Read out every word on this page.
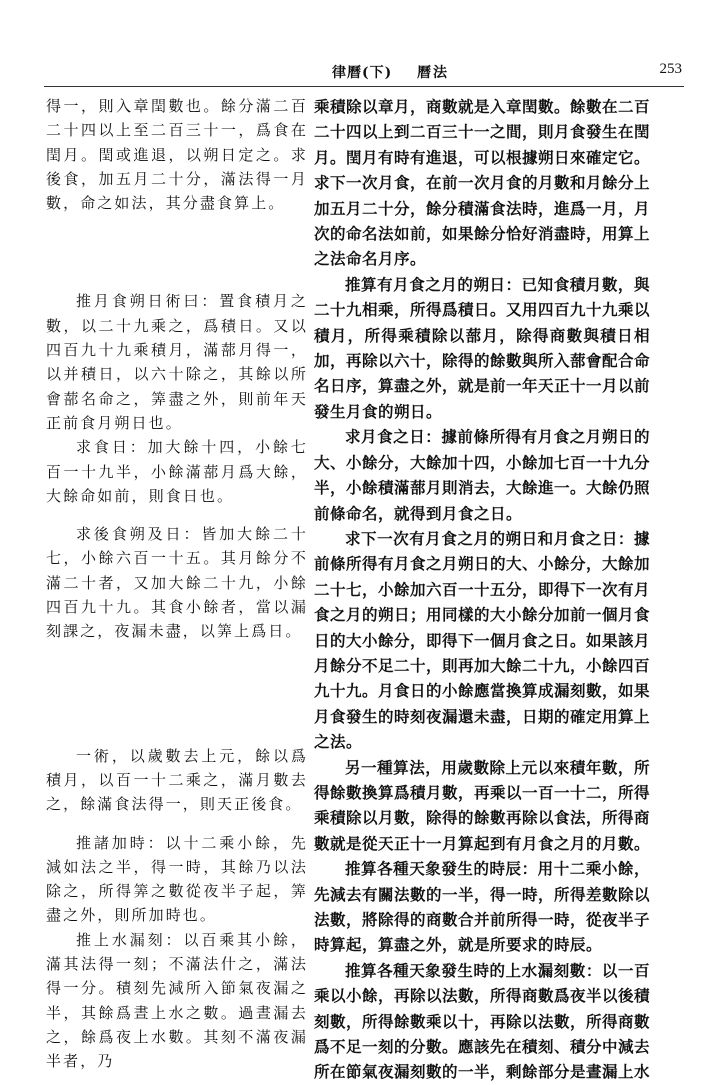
律曆(下) 曆法	253

得一，則入章閏數也。餘分滿二百二十四以上至二百三十一，爲食在閏月。閏或進退，以朔日定之。求後食，加五月二十分，滿法得一月數，命之如法，其分盡食算上。

推月食朔日術曰：置食積月之數，以二十九乘之，爲積日。又以四百九十九乘積月，滿蔀月得一，以并積日，以六十除之，其餘以所會蔀名命之，筭盡之外，則前年天正前食月朔日也。

求食日：加大餘十四，小餘七百一十九半，小餘滿蔀月爲大餘，大餘命如前，則食日也。

求後食朔及日：皆加大餘二十七，小餘六百一十五。其月餘分不滿二十者，又加大餘二十九，小餘四百九十九。其食小餘者，當以漏刻課之，夜漏未盡，以筭上爲日。

一術，以歲數去上元，餘以爲積月，以百一十二乘之，滿月數去之，餘滿食法得一，則天正後食。

推諸加時：以十二乘小餘，先減如法之半，得一時，其餘乃以法除之，所得筭之數從夜半子起，筭盡之外，則所加時也。

推上水漏刻：以百乘其小餘，滿其法得一刻；不滿法什之，滿法得一分。積刻先減所入節氣夜漏之半，其餘爲晝上水之數。過晝漏去之，餘爲夜上水數。其刻不滿夜漏半者，乃

乘積除以章月，商數就是入章閏數。餘數在二百二十四以上到二百三十一之間，則月食發生在閏月。閏月有時有進退，可以根據朔日來確定它。求下一次月食，在前一次月食的月數和月餘分上加五月二十分，餘分積滿食法時，進爲一月，月次的命名法如前，如果餘分恰好消盡時，用算上之法命名月序。

推算有月食之月的朔日：已知食積月數，與二十九相乘，所得爲積日。又用四百九十九乘以積月，所得乘積除以蔀月，除得商數與積日相加，再除以六十，除得的餘數與所入蔀會配合命名日序，算盡之外，就是前一年天正十一月以前發生月食的朔日。

求月食之日：據前條所得有月食之月朔日的大、小餘分，大餘加十四，小餘加七百一十九分半，小餘積滿蔀月則消去，大餘進一。大餘仍照前條命名，就得到月食之日。

求下一次有月食之月的朔日和月食之日：據前條所得有月食之月朔日的大、小餘分，大餘加二十七，小餘加六百一十五分，即得下一次有月食之月的朔日；用同樣的大小餘分加前一個月食日的大小餘分，即得下一個月食之日。如果該月月餘分不足二十，則再加大餘二十九，小餘四百九十九。月食日的小餘應當換算成漏刻數，如果月食發生的時刻夜漏還未盡，日期的確定用算上之法。

另一種算法，用歲數除上元以來積年數，所得餘數換算爲積月數，再乘以一百一十二，所得乘積除以月數，除得的餘數再除以食法，所得商數就是從天正十一月算起到有月食之月的月數。

推算各種天象發生的時辰：用十二乘小餘，先減去有關法數的一半，得一時，所得差數除以法數，將除得的商數合并前所得一時，從夜半子時算起，算盡之外，就是所要求的時辰。

推算各種天象發生時的上水漏刻數：以一百乘以小餘，再除以法數，所得商數爲夜半以後積刻數，所得餘數乘以十，再除以法數，所得商數爲不足一刻的分數。應該先在積刻、積分中減去所在節氣夜漏刻數的一半，剩餘部分是晝漏上水
